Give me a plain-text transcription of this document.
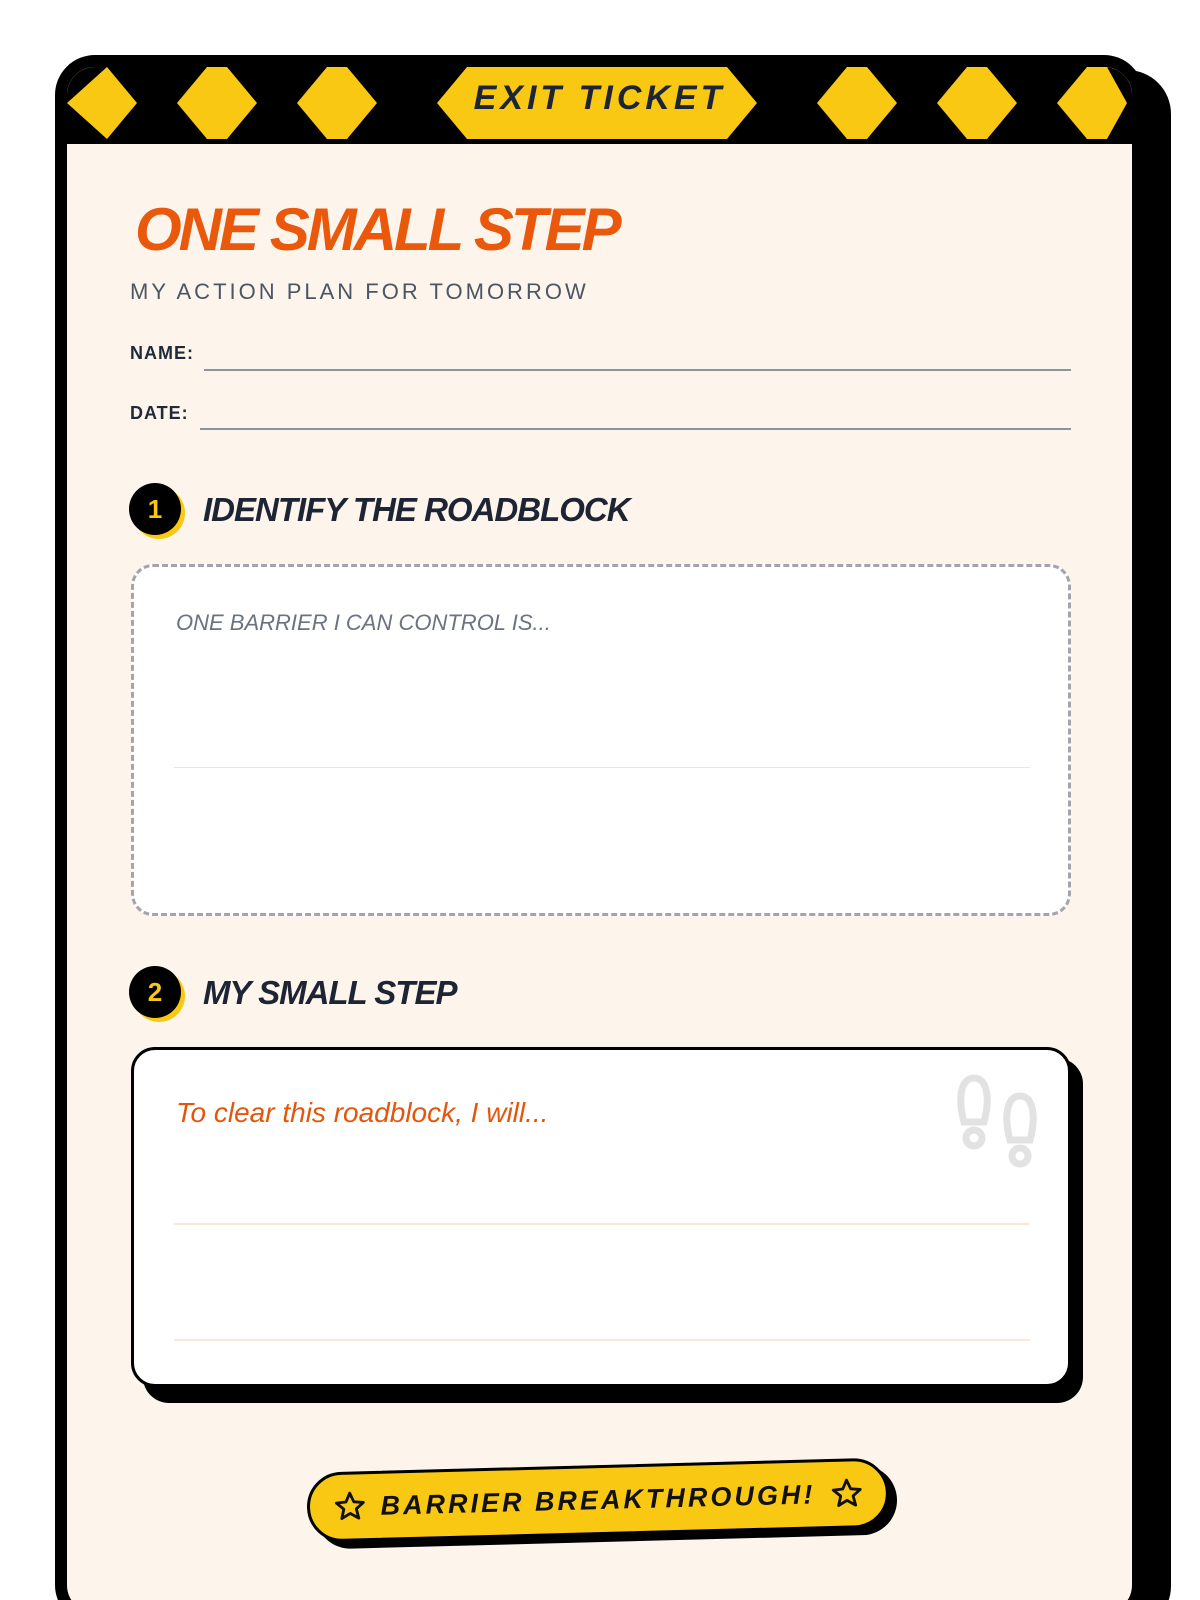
EXIT TICKET
ONE SMALL STEP
MY ACTION PLAN FOR TOMORROW
NAME:
DATE:
1	IDENTIFY THE ROADBLOCK
ONE BARRIER I CAN CONTROL IS...
2	MY SMALL STEP
To clear this roadblock, I will...
BARRIER BREAKTHROUGH!
